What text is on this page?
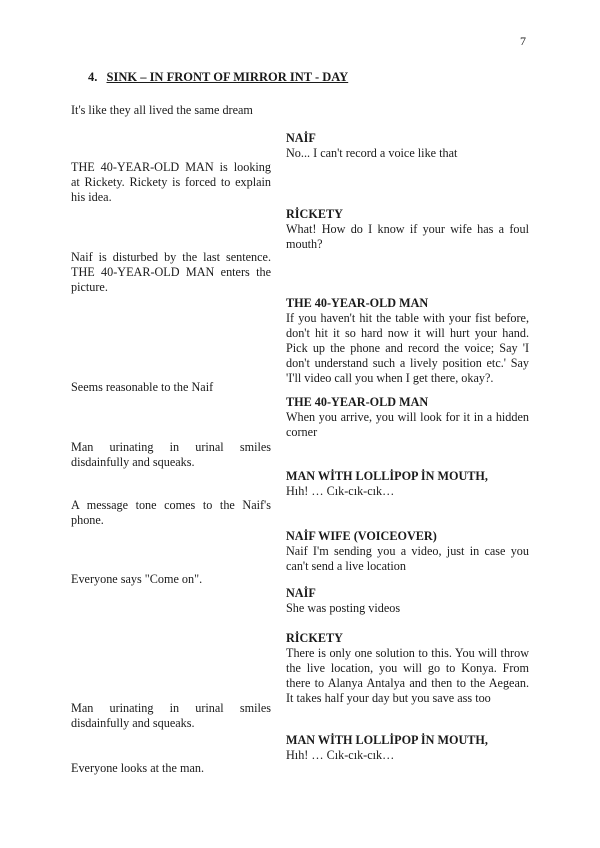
7
4. SINK – IN FRONT OF MIRROR INT - DAY
It's like they all lived the same dream
THE 40-YEAR-OLD MAN is looking at Rickety. Rickety is forced to explain his idea.
Naif is disturbed by the last sentence. THE 40-YEAR-OLD MAN enters the picture.
Seems reasonable to the Naif
Man urinating in urinal smiles disdainfully and squeaks.
A message tone comes to the Naif's phone.
Everyone says "Come on".
Man urinating in urinal smiles disdainfully and squeaks.
Everyone looks at the man.
NAİF
No... I can't record a voice like that
RİCKETY
What! How do I know if your wife has a foul mouth?
THE 40-YEAR-OLD MAN
If you haven't hit the table with your fist before, don't hit it so hard now it will hurt your hand. Pick up the phone and record the voice; Say 'I don't understand such a lively position etc.' Say 'I'll video call you when I get there, okay?.
THE 40-YEAR-OLD MAN
When you arrive, you will look for it in a hidden corner
MAN WİTH LOLLİPOP İN MOUTH,
Hıh! … Cık-cık-cık…
NAİF WIFE (VOICEOVER)
Naif I'm sending you a video, just in case you can't send a live location
NAİF
She was posting videos
RİCKETY
There is only one solution to this. You will throw the live location, you will go to Konya. From there to Alanya Antalya and then to the Aegean. It takes half your day but you save ass too
MAN WİTH LOLLİPOP İN MOUTH,
Hıh! … Cık-cık-cık…
